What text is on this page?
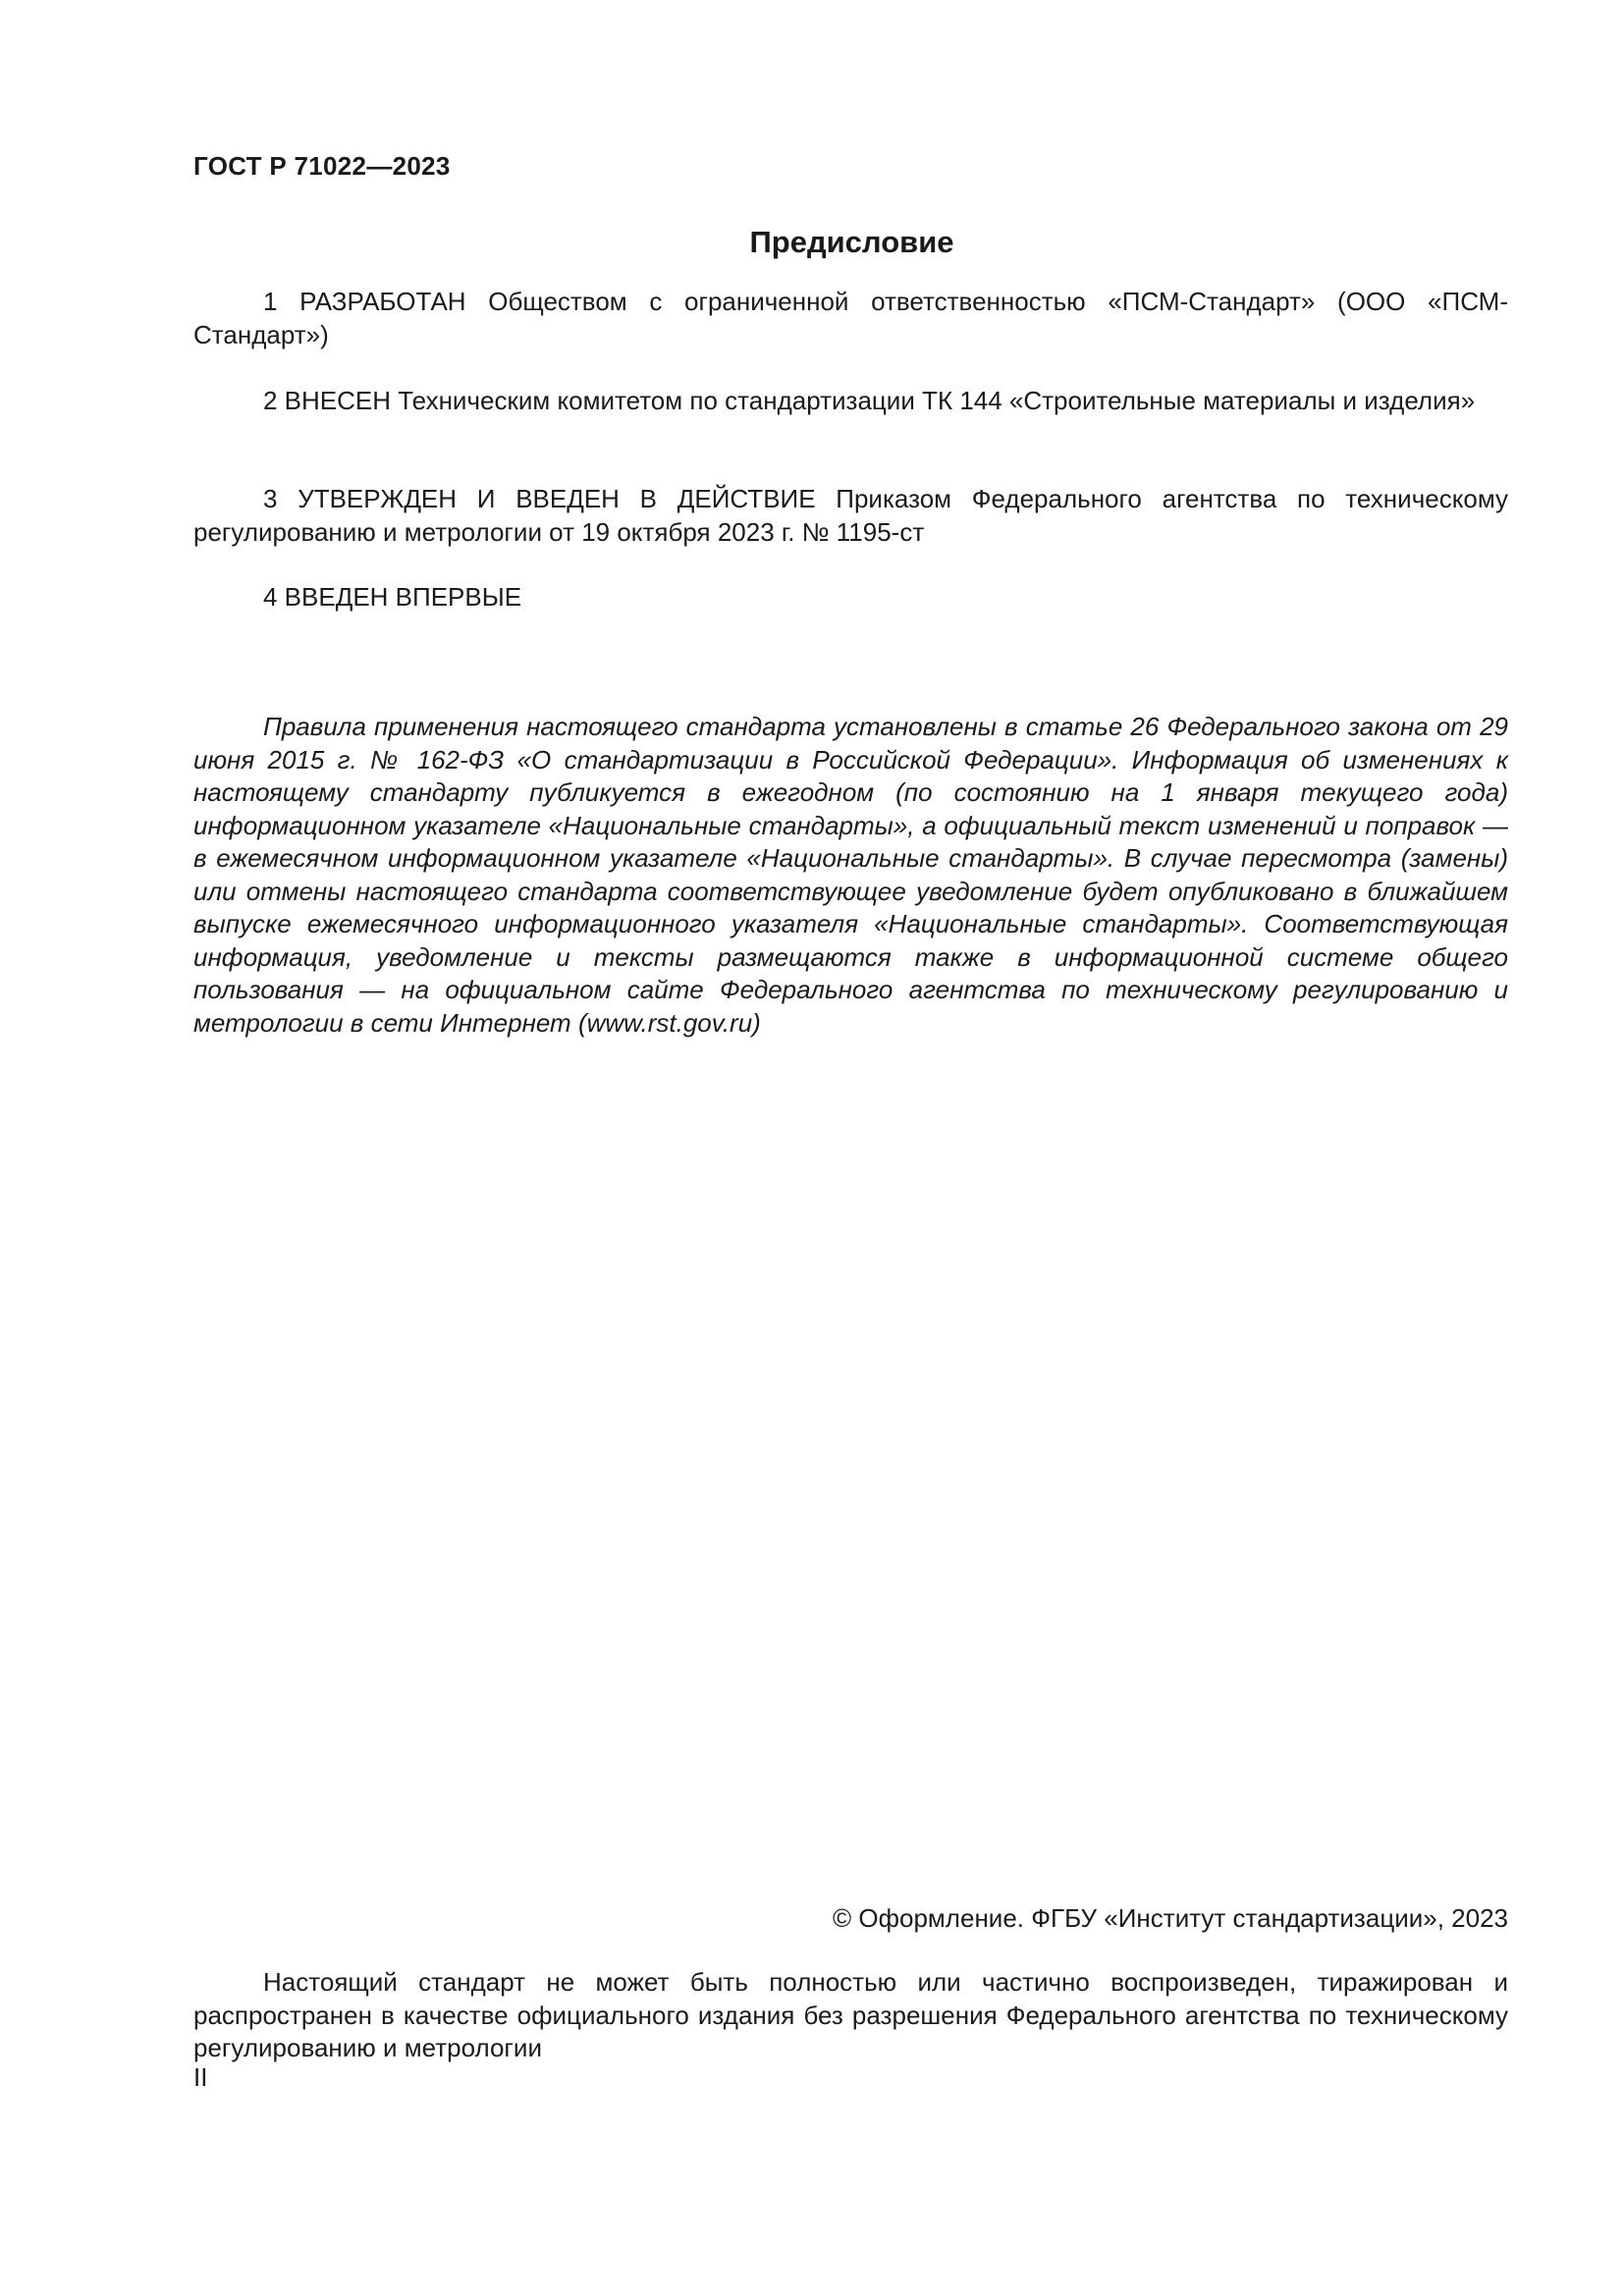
ГОСТ Р 71022—2023
Предисловие

1 РАЗРАБОТАН Обществом с ограниченной ответственностью «ПСМ-Стандарт» (ООО «ПСМ-Стандарт»)

2 ВНЕСЕН Техническим комитетом по стандартизации ТК 144 «Строительные материалы и изделия»

3 УТВЕРЖДЕН И ВВЕДЕН В ДЕЙСТВИЕ Приказом Федерального агентства по техническому регулированию и метрологии от 19 октября 2023 г. № 1195-ст

4 ВВЕДЕН ВПЕРВЫЕ

Правила применения настоящего стандарта установлены в статье 26 Федерального закона от 29 июня 2015 г. № 162-ФЗ «О стандартизации в Российской Федерации». Информация об изменениях к настоящему стандарту публикуется в ежегодном (по состоянию на 1 января текущего года) информационном указателе «Национальные стандарты», а официальный текст изменений и поправок — в ежемесячном информационном указателе «Национальные стандарты». В случае пересмотра (замены) или отмены настоящего стандарта соответствующее уведомление будет опубликовано в ближайшем выпуске ежемесячного информационного указателя «Национальные стандарты». Соответствующая информация, уведомление и тексты размещаются также в информационной системе общего пользования — на официальном сайте Федерального агентства по техническому регулированию и метрологии в сети Интернет (www.rst.gov.ru)

© Оформление. ФГБУ «Институт стандартизации», 2023

Настоящий стандарт не может быть полностью или частично воспроизведен, тиражирован и распространен в качестве официального издания без разрешения Федерального агентства по техническому регулированию и метрологии

II
